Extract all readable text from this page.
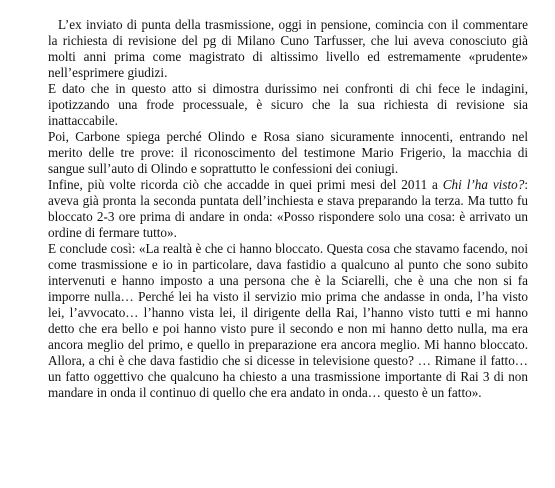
L’ex inviato di punta della trasmissione, oggi in pensione, comincia con il commentare la richiesta di revisione del pg di Milano Cuno Tarfusser, che lui aveva conosciuto già molti anni prima come magistrato di altissimo livello ed estremamente «prudente» nell’esprimere giudizi.

E dato che in questo atto si dimostra durissimo nei confronti di chi fece le indagini, ipotizzando una frode processuale, è sicuro che la sua richiesta di revisione sia inattaccabile.

Poi, Carbone spiega perché Olindo e Rosa siano sicuramente innocenti, entrando nel merito delle tre prove: il riconoscimento del testimone Mario Frigerio, la macchia di sangue sull’auto di Olindo e soprattutto le confessioni dei coniugi.

Infine, più volte ricorda ciò che accadde in quei primi mesi del 2011 a Chi l’ha visto?: aveva già pronta la seconda puntata dell’inchiesta e stava preparando la terza. Ma tutto fu bloccato 2-3 ore prima di andare in onda: «Posso rispondere solo una cosa: è arrivato un ordine di fermare tutto».

E conclude così: «La realtà è che ci hanno bloccato. Questa cosa che stavamo facendo, noi come trasmissione e io in particolare, dava fastidio a qualcuno al punto che sono subito intervenuti e hanno imposto a una persona che è la Sciarelli, che è una che non si fa imporre nulla… Perché lei ha visto il servizio mio prima che andasse in onda, l’ha visto lei, l’avvocato… l’hanno vista lei, il dirigente della Rai, l’hanno visto tutti e mi hanno detto che era bello e poi hanno visto pure il secondo e non mi hanno detto nulla, ma era ancora meglio del primo, e quello in preparazione era ancora meglio. Mi hanno bloccato. Allora, a chi è che dava fastidio che si dicesse in televisione questo? … Rimane il fatto… un fatto oggettivo che qualcuno ha chiesto a una trasmissione importante di Rai 3 di non mandare in onda il continuo di quello che era andato in onda… questo è un fatto».
